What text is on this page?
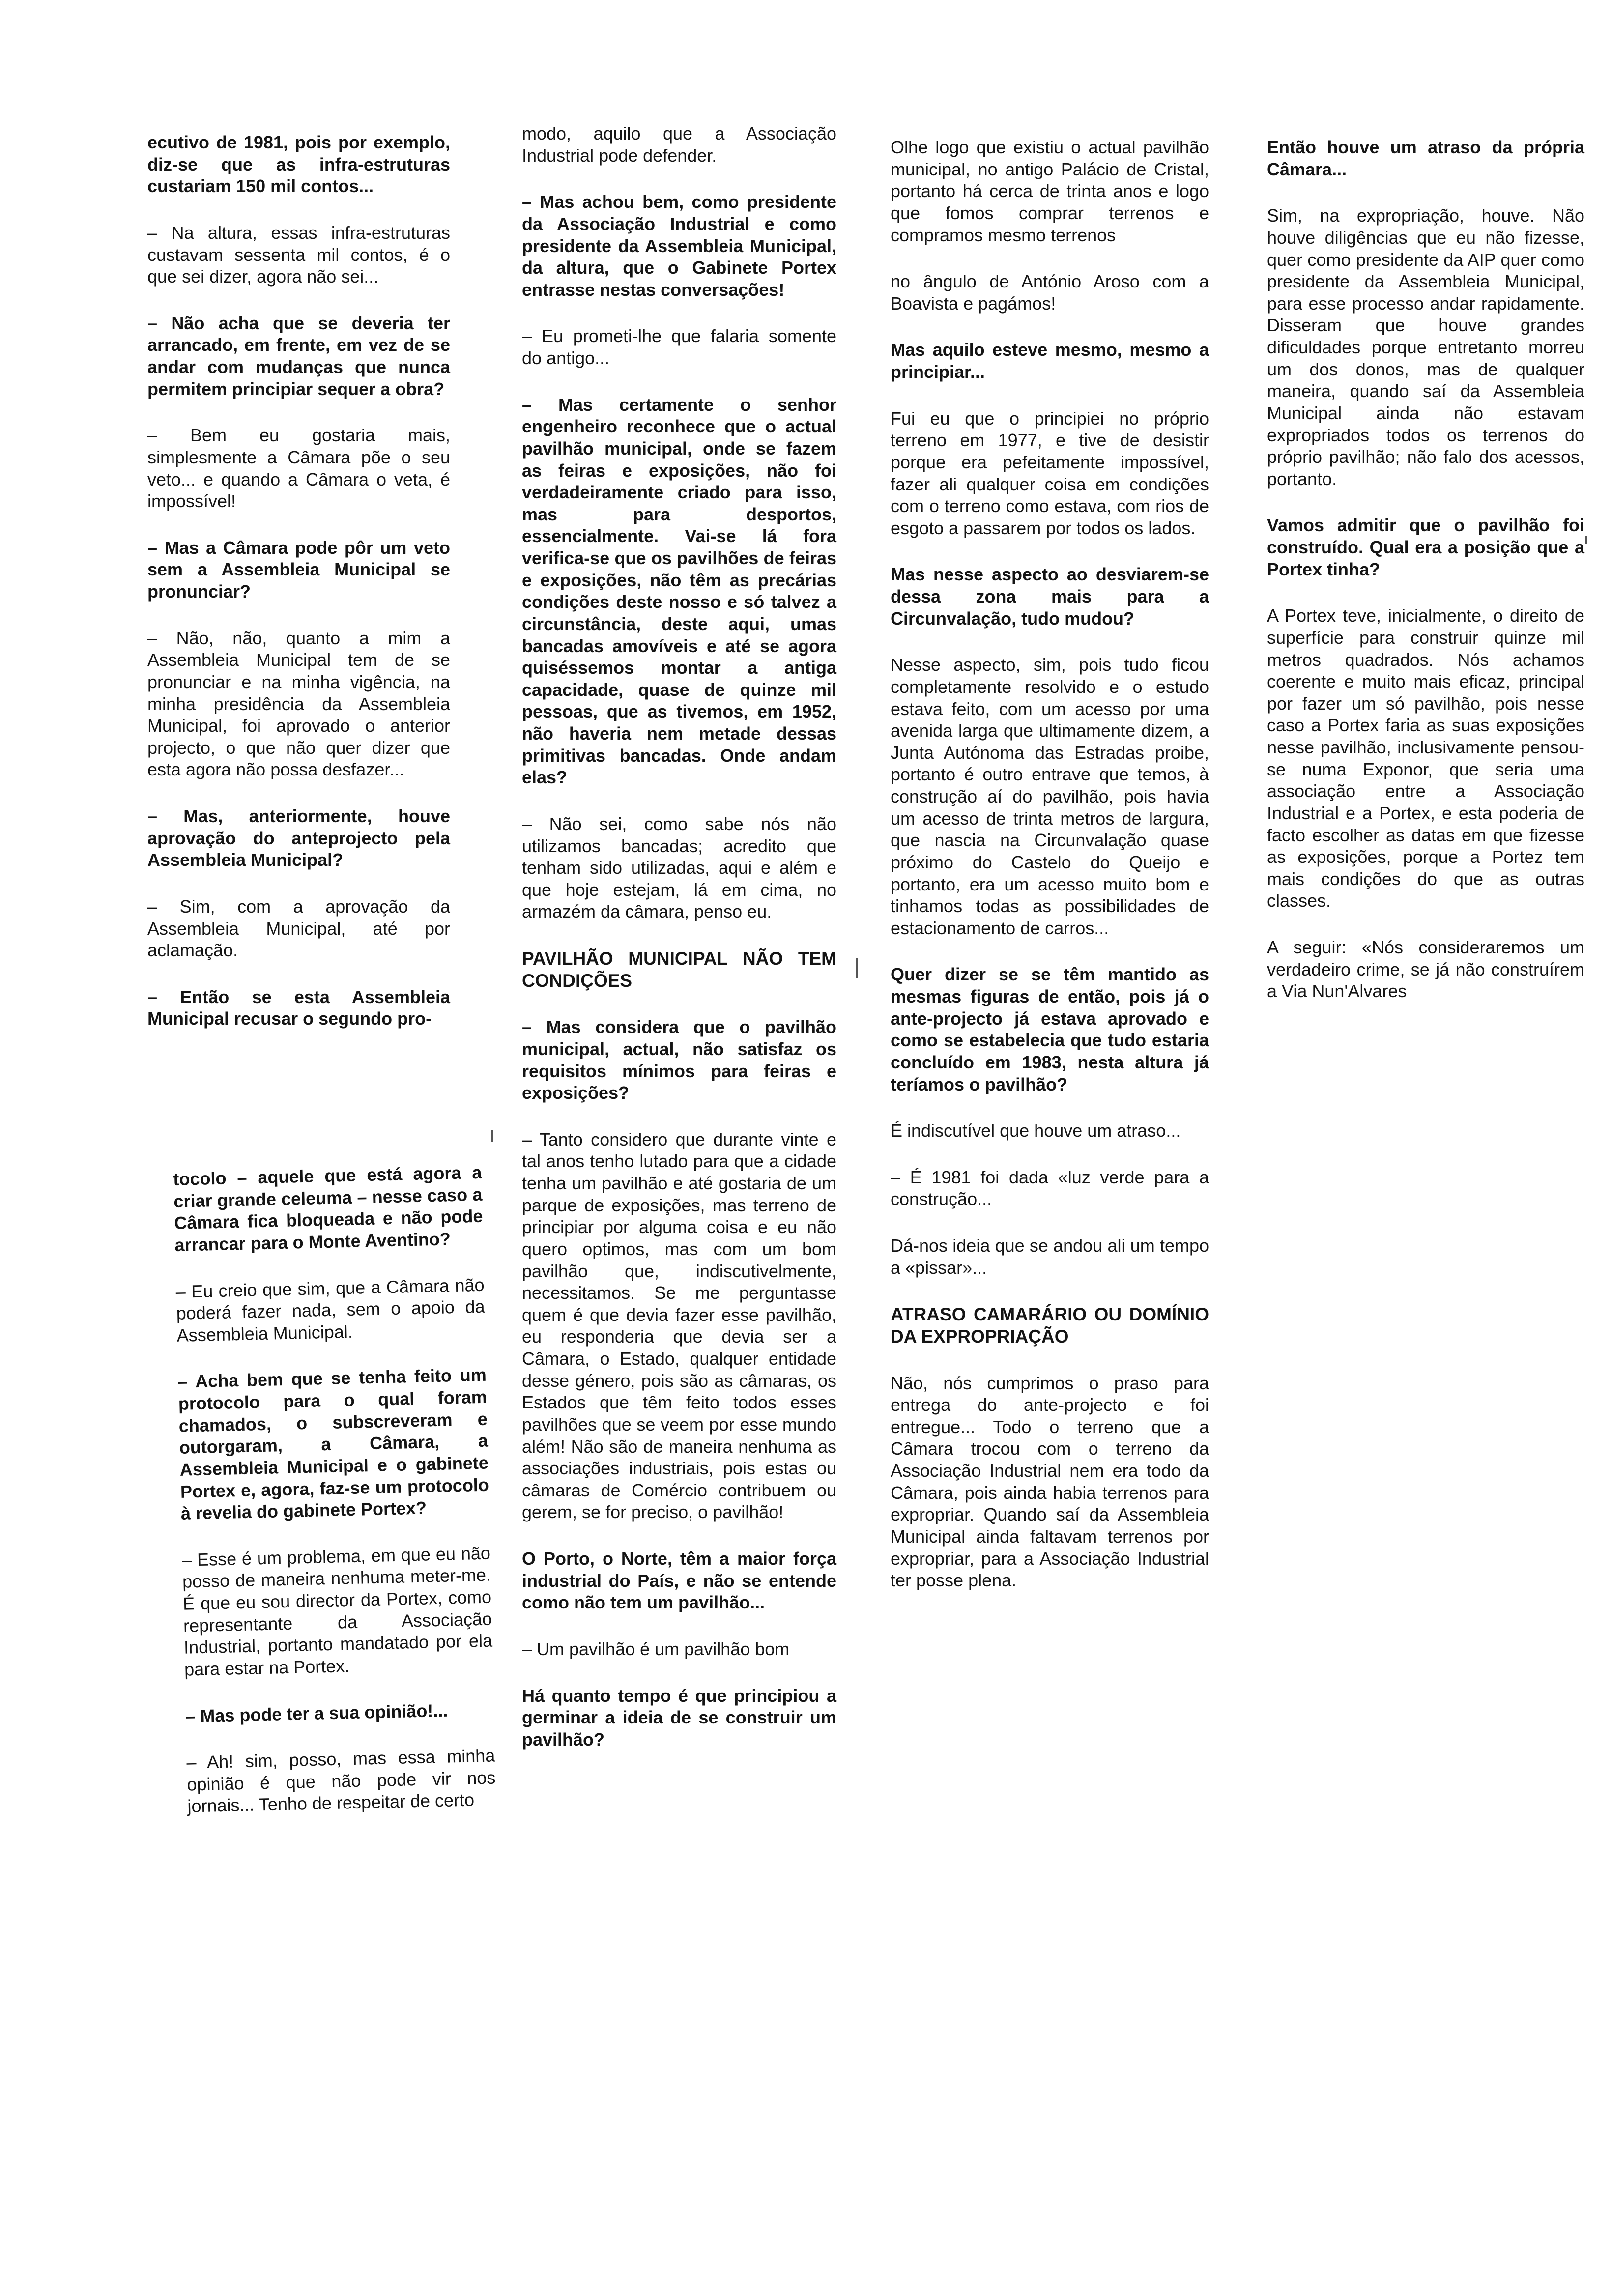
ecutivo de 1981, pois por exemplo, diz-se que as infra-estruturas custariam 150 mil contos...

– Na altura, essas infra-estruturas custavam sessenta mil contos, é o que sei dizer, agora não sei...

– Não acha que se deveria ter arrancado, em frente, em vez de se andar com mudanças que nunca permitem principiar sequer a obra?

– Bem eu gostaria mais, simplesmente a Câmara põe o seu veto... e quando a Câmara o veta, é impossível!

– Mas a Câmara pode pôr um veto sem a Assembleia Municipal se pronunciar?

– Não, não, quanto a mim a Assembleia Municipal tem de se pronunciar e na minha vigência, na minha presidência da Assembleia Municipal, foi aprovado o anterior projecto, o que não quer dizer que esta agora não possa desfazer...

– Mas, anteriormente, houve aprovação do anteprojecto pela Assembleia Municipal?

– Sim, com a aprovação da Assembleia Municipal, até por aclamação.

– Então se esta Assembleia Municipal recusar o segundo pro-

tocolo – aquele que está agora a criar grande celeuma – nesse caso a Câmara fica bloqueada e não pode arrancar para o Monte Aventino?

– Eu creio que sim, que a Câmara não poderá fazer nada, sem o apoio da Assembleia Municipal.

– Acha bem que se tenha feito um protocolo para o qual foram chamados, o subscreveram e outorgaram, a Câmara, a Assembleia Municipal e o gabinete Portex e, agora, faz-se um protocolo à revelia do gabinete Portex?

– Esse é um problema, em que eu não posso de maneira nenhuma meter-me. É que eu sou director da Portex, como representante da Associação Industrial, portanto mandatado por ela para estar na Portex.

– Mas pode ter a sua opinião!...

– Ah! sim, posso, mas essa minha opinião é que não pode vir nos jornais... Tenho de respeitar de certo

modo, aquilo que a Associação Industrial pode defender.

– Mas achou bem, como presidente da Associação Industrial e como presidente da Assembleia Municipal, da altura, que o Gabinete Portex entrasse nestas conversações!

– Eu prometi-lhe que falaria somente do antigo...

– Mas certamente o senhor engenheiro reconhece que o actual pavilhão municipal, onde se fazem as feiras e exposições, não foi verdadeiramente criado para isso, mas para desportos, essencialmente. Vai-se lá fora verifica-se que os pavilhões de feiras e exposições, não têm as precárias condições deste nosso e só talvez a circunstância, deste aqui, umas bancadas amovíveis e até se agora quiséssemos montar a antiga capacidade, quase de quinze mil pessoas, que as tivemos, em 1952, não haveria nem metade dessas primitivas bancadas. Onde andam elas?

– Não sei, como sabe nós não utilizamos bancadas; acredito que tenham sido utilizadas, aqui e além e que hoje estejam, lá em cima, no armazém da câmara, penso eu.

PAVILHÃO MUNICIPAL NÃO TEM CONDIÇÕES

– Mas considera que o pavilhão municipal, actual, não satisfaz os requisitos mínimos para feiras e exposições?

– Tanto considero que durante vinte e tal anos tenho lutado para que a cidade tenha um pavilhão e até gostaria de um parque de exposições, mas terreno de principiar por alguma coisa e eu não quero optimos, mas com um bom pavilhão que, indiscutivelmente, necessitamos. Se me perguntasse quem é que devia fazer esse pavilhão, eu responderia que devia ser a Câmara, o Estado, qualquer entidade desse género, pois são as câmaras, os Estados que têm feito todos esses pavilhões que se veem por esse mundo além! Não são de maneira nenhuma as associações industriais, pois estas ou câmaras de Comércio contribuem ou gerem, se for preciso, o pavilhão!

O Porto, o Norte, têm a maior força industrial do País, e não se entende como não tem um pavilhão...

– Um pavilhão é um pavilhão bom

Há quanto tempo é que principiou a germinar a ideia de se construir um pavilhão?

Olhe logo que existiu o actual pavilhão municipal, no antigo Palácio de Cristal, portanto há cerca de trinta anos e logo que fomos comprar terrenos e compramos mesmo terrenos

no ângulo de António Aroso com a Boavista e pagámos!

Mas aquilo esteve mesmo, mesmo a principiar...

Fui eu que o principiei no próprio terreno em 1977, e tive de desistir porque era pefeitamente impossível, fazer ali qualquer coisa em condições com o terreno como estava, com rios de esgoto a passarem por todos os lados.

Mas nesse aspecto ao desviarem-se dessa zona mais para a Circunvalação, tudo mudou?

Nesse aspecto, sim, pois tudo ficou completamente resolvido e o estudo estava feito, com um acesso por uma avenida larga que ultimamente dizem, a Junta Autónoma das Estradas proibe, portanto é outro entrave que temos, à construção aí do pavilhão, pois havia um acesso de trinta metros de largura, que nascia na Circunvalação quase próximo do Castelo do Queijo e portanto, era um acesso muito bom e tinhamos todas as possibilidades de estacionamento de carros...

Quer dizer se se têm mantido as mesmas figuras de então, pois já o ante-projecto já estava aprovado e como se estabelecia que tudo estaria concluído em 1983, nesta altura já teríamos o pavilhão?

É indiscutível que houve um atraso...

– É 1981 foi dada «luz verde para a construção...

Dá-nos ideia que se andou ali um tempo a «pissar»...

ATRASO CAMARÁRIO OU DOMÍNIO DA EXPROPRIAÇÃO

Não, nós cumprimos o praso para entrega do ante-projecto e foi entregue... Todo o terreno que a Câmara trocou com o terreno da Associação Industrial nem era todo da Câmara, pois ainda habia terrenos para expropriar. Quando saí da Assembleia Municipal ainda faltavam terrenos por expropriar, para a Associação Industrial ter posse plena.

Então houve um atraso da própria Câmara...

Sim, na expropriação, houve. Não houve diligências que eu não fizesse, quer como presidente da AIP quer como presidente da Assembleia Municipal, para esse processo andar rapidamente. Disseram que houve grandes dificuldades porque entretanto morreu um dos donos, mas de qualquer maneira, quando saí da Assembleia Municipal ainda não estavam expropriados todos os terrenos do próprio pavilhão; não falo dos acessos, portanto.

Vamos admitir que o pavilhão foi construído. Qual era a posição que a Portex tinha?

A Portex teve, inicialmente, o direito de superfície para construir quinze mil metros quadrados. Nós achamos coerente e muito mais eficaz, principal por fazer um só pavilhão, pois nesse caso a Portex faria as suas exposições nesse pavilhão, inclusivamente pensou-se numa Exponor, que seria uma associação entre a Associação Industrial e a Portex, e esta poderia de facto escolher as datas em que fizesse as exposições, porque a Portez tem mais condições do que as outras classes.

A seguir: «Nós consideraremos um verdadeiro crime, se já não construírem a Via Nun'Alvares
